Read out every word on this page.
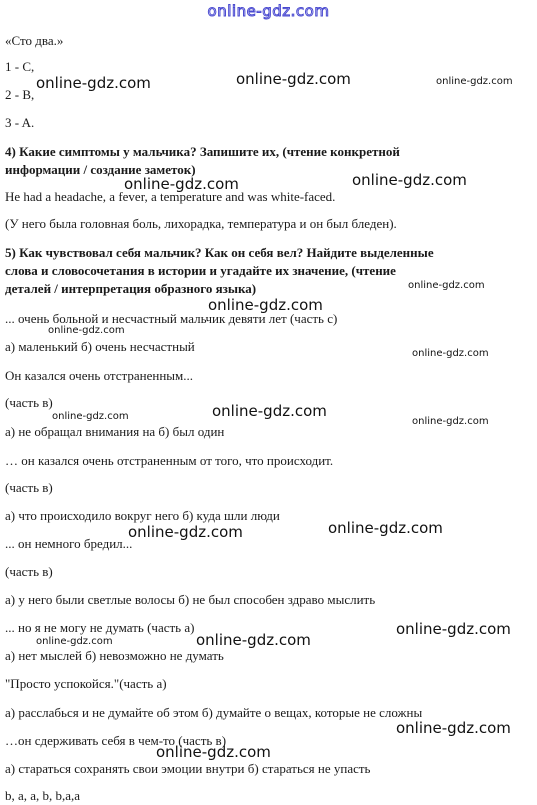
online-gdz.com
«Сто два.»
1 - C,
2 - B,
3 - A.
4) Какие симптомы у мальчика? Запишите их, (чтение конкретной
информации / создание заметок)
He had a headache, a fever, a temperature and was white-faced.
(У него была головная боль, лихорадка, температура и он был бледен).
5) Как чувствовал себя мальчик? Как он себя вел? Найдите выделенные
слова и словосочетания в истории и угадайте их значение, (чтение
деталей / интерпретация образного языка)
... очень больной и несчастный мальчик девяти лет (часть с)
а) маленький б) очень несчастный
Он казался очень отстраненным...
(часть в)
а) не обращал внимания на б) был один
… он казался очень отстраненным от того, что происходит.
(часть в)
а) что происходило вокруг него б) куда шли люди
... он немного бредил...
(часть в)
а) у него были светлые волосы б) не был способен здраво мыслить
... но я не могу не думать (часть а)
а) нет мыслей б) невозможно не думать
"Просто успокойся."(часть а)
а) расслабься и не думайте об этом б) думайте о вещах, которые не сложны
…он сдерживать себя в чем-то (часть в)
а) стараться сохранять свои эмоции внутри б) стараться не упасть
b, a, a, b, b,a,a
online-gdz.com	online-gdz.com	online-gdz.com
online-gdz.com	online-gdz.com
online-gdz.com
online-gdz.com
online-gdz.com
online-gdz.com
online-gdz.com
online-gdz.com	online-gdz.com
online-gdz.com
online-gdz.com
online-gdz.com
online-gdz.com
online-gdz.com
online-gdz.com
online-gdz.com
